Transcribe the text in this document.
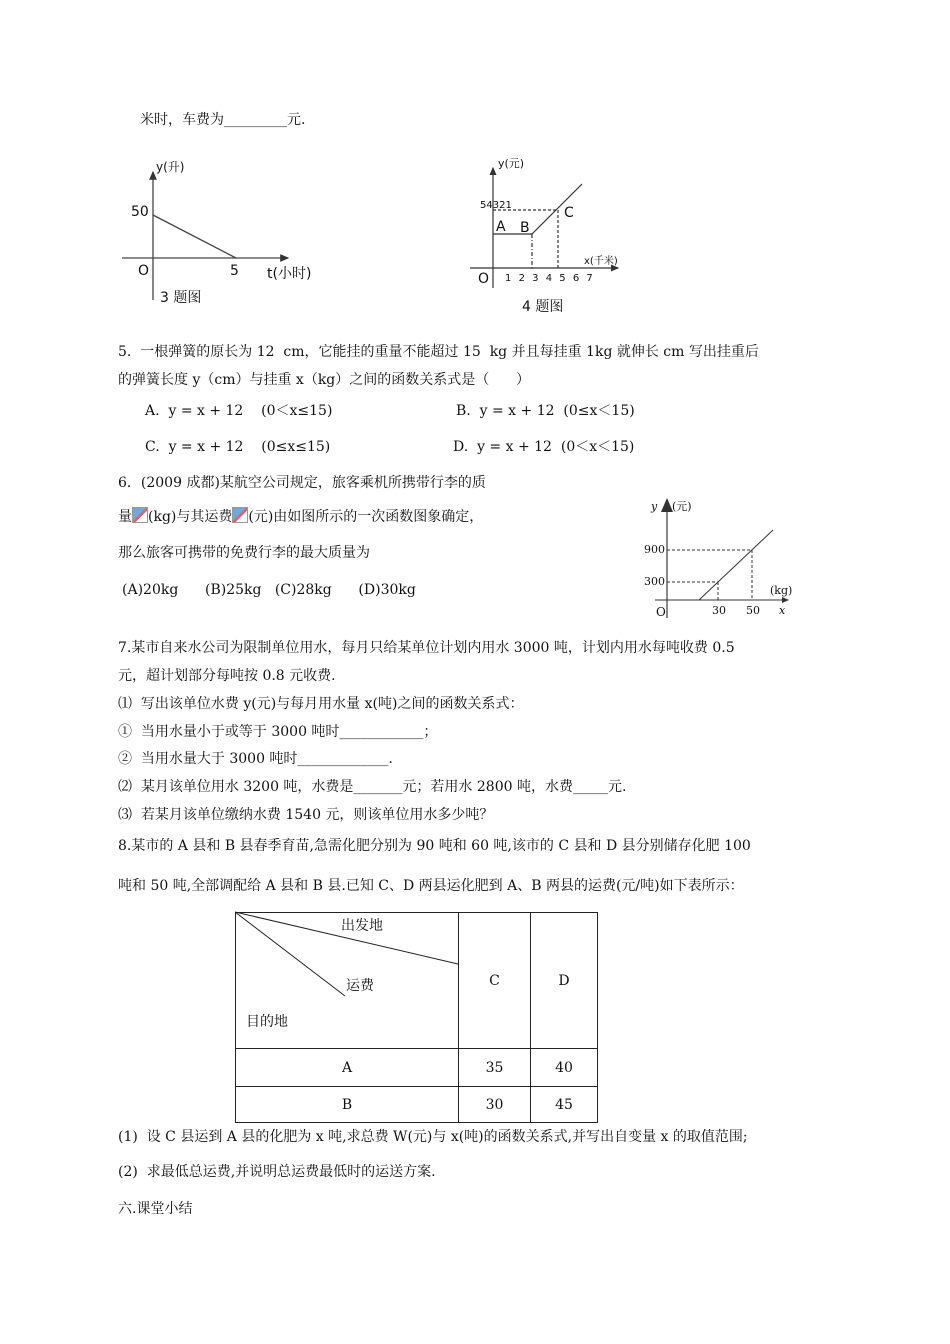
米时，车费为_________元.
y(升)
50
O	5 t(小时)
3 题图
y(元)
54321
1 2 3 4 5 6 7
O
A B
C
x(千米)
4 题图
5.  一根弹簧的原长为 12  cm，它能挂的重量不能超过 15  kg 并且每挂重 1kg 就伸长 cm 写出挂重后
的弹簧长度 y（cm）与挂重 x（kg）之间的函数关系式是（      ）
A.  y = x + 12    (0＜x≤15)	B.  y = x + 12  (0≤x＜15)
C.  y = x + 12    (0≤x≤15)	D.  y = x + 12  (0＜x＜15)
6．(2009 成都)某航空公司规定，旅客乘机所携带行李的质
量 (kg)与其运费 (元)由如图所示的一次函数图象确定，
那么旅客可携带的免费行李的最大质量为
(A)20kg      (B)25kg   (C)28kg      (D)30kg
y (元)
900
300
(kg)
O	30 50 x
7.某市自来水公司为限制单位用水，每月只给某单位计划内用水 3000 吨，计划内用水每吨收费 0.5
元，超计划部分每吨按 0.8 元收费.
⑴  写出该单位水费 y(元)与每月用水量 x(吨)之间的函数关系式：
①  当用水量小于或等于 3000 吨时____________；
②  当用水量大于 3000 吨时_____________.
⑵  某月该单位用水 3200 吨，水费是_______元；若用水 2800 吨，水费_____元.
⑶  若某月该单位缴纳水费 1540 元，则该单位用水多少吨？
8.某市的 A 县和 B 县春季育苗,急需化肥分别为 90 吨和 60 吨,该市的 C 县和 D 县分别储存化肥 100
吨和 50 吨,全部调配给 A 县和 B 县.已知 C、D 两县运化肥到 A、B 两县的运费(元/吨)如下表所示：
出发地
运费
目的地	C	D
A	35	40
B	30	45
(1)  设 C 县运到 A 县的化肥为 x 吨,求总费 W(元)与 x(吨)的函数关系式,并写出自变量 x 的取值范围;
(2)  求最低总运费,并说明总运费最低时的运送方案.
六.课堂小结
